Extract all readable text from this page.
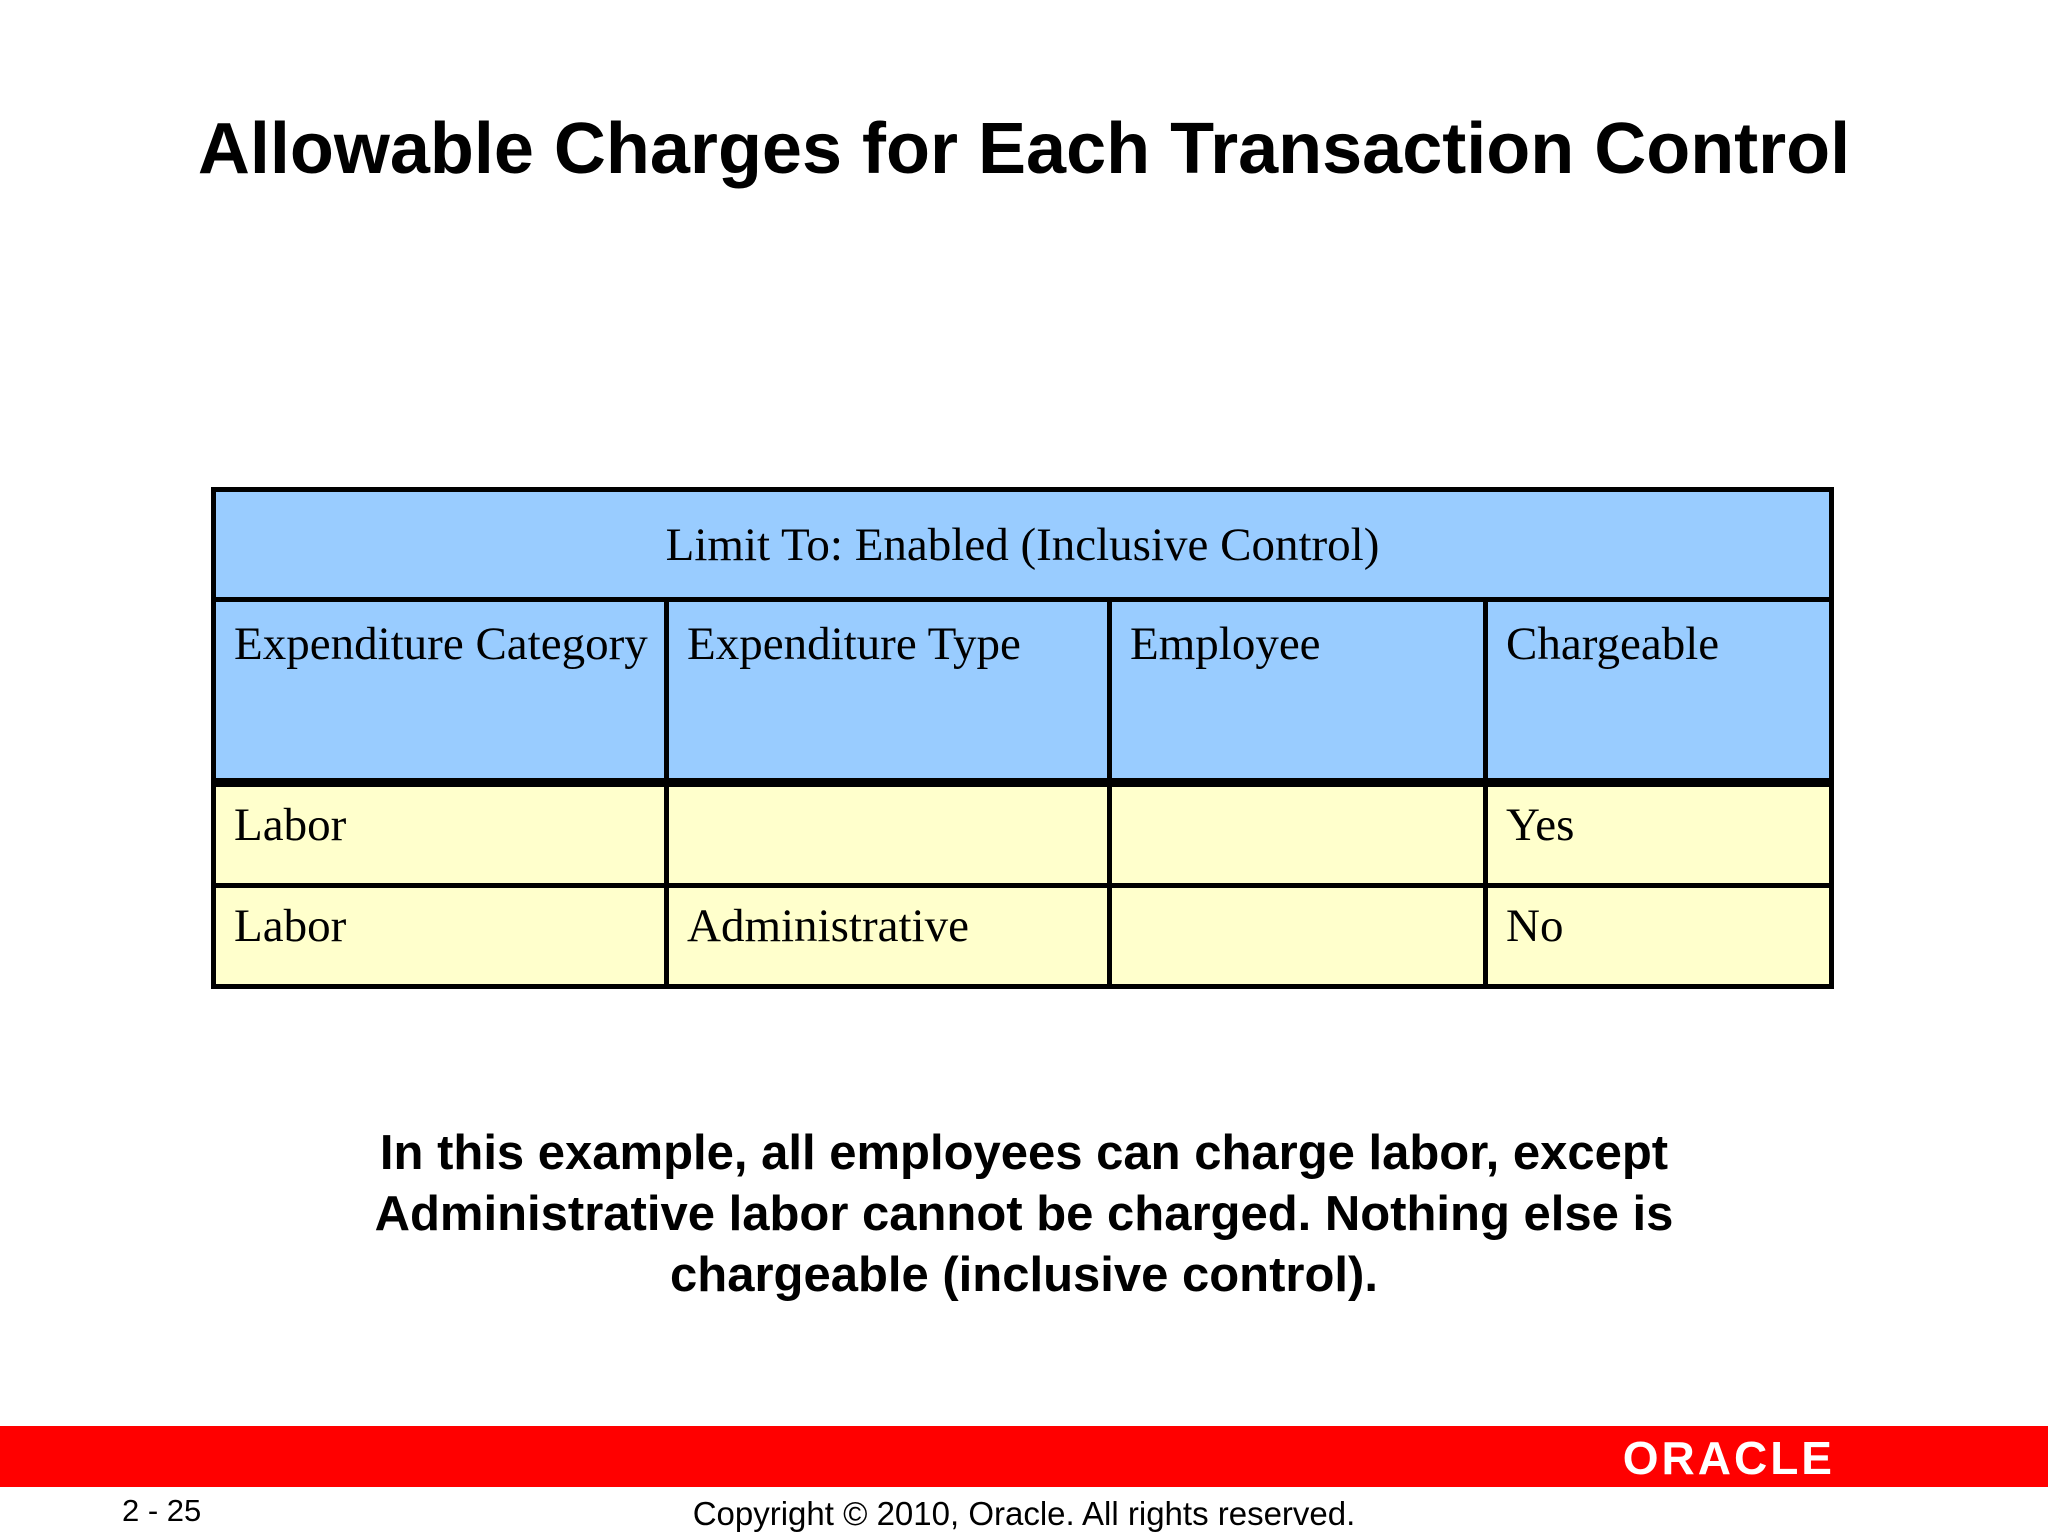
Allowable Charges for Each Transaction Control
Limit To: Enabled (Inclusive Control)			
Expenditure Category	Expenditure Type	Employee	Chargeable
Labor			Yes
Labor	Administrative		No
In this example, all employees can charge labor, except
Administrative labor cannot be charged. Nothing else is
chargeable (inclusive control).
ORACLE
2 - 25	Copyright © 2010, Oracle. All rights reserved.
